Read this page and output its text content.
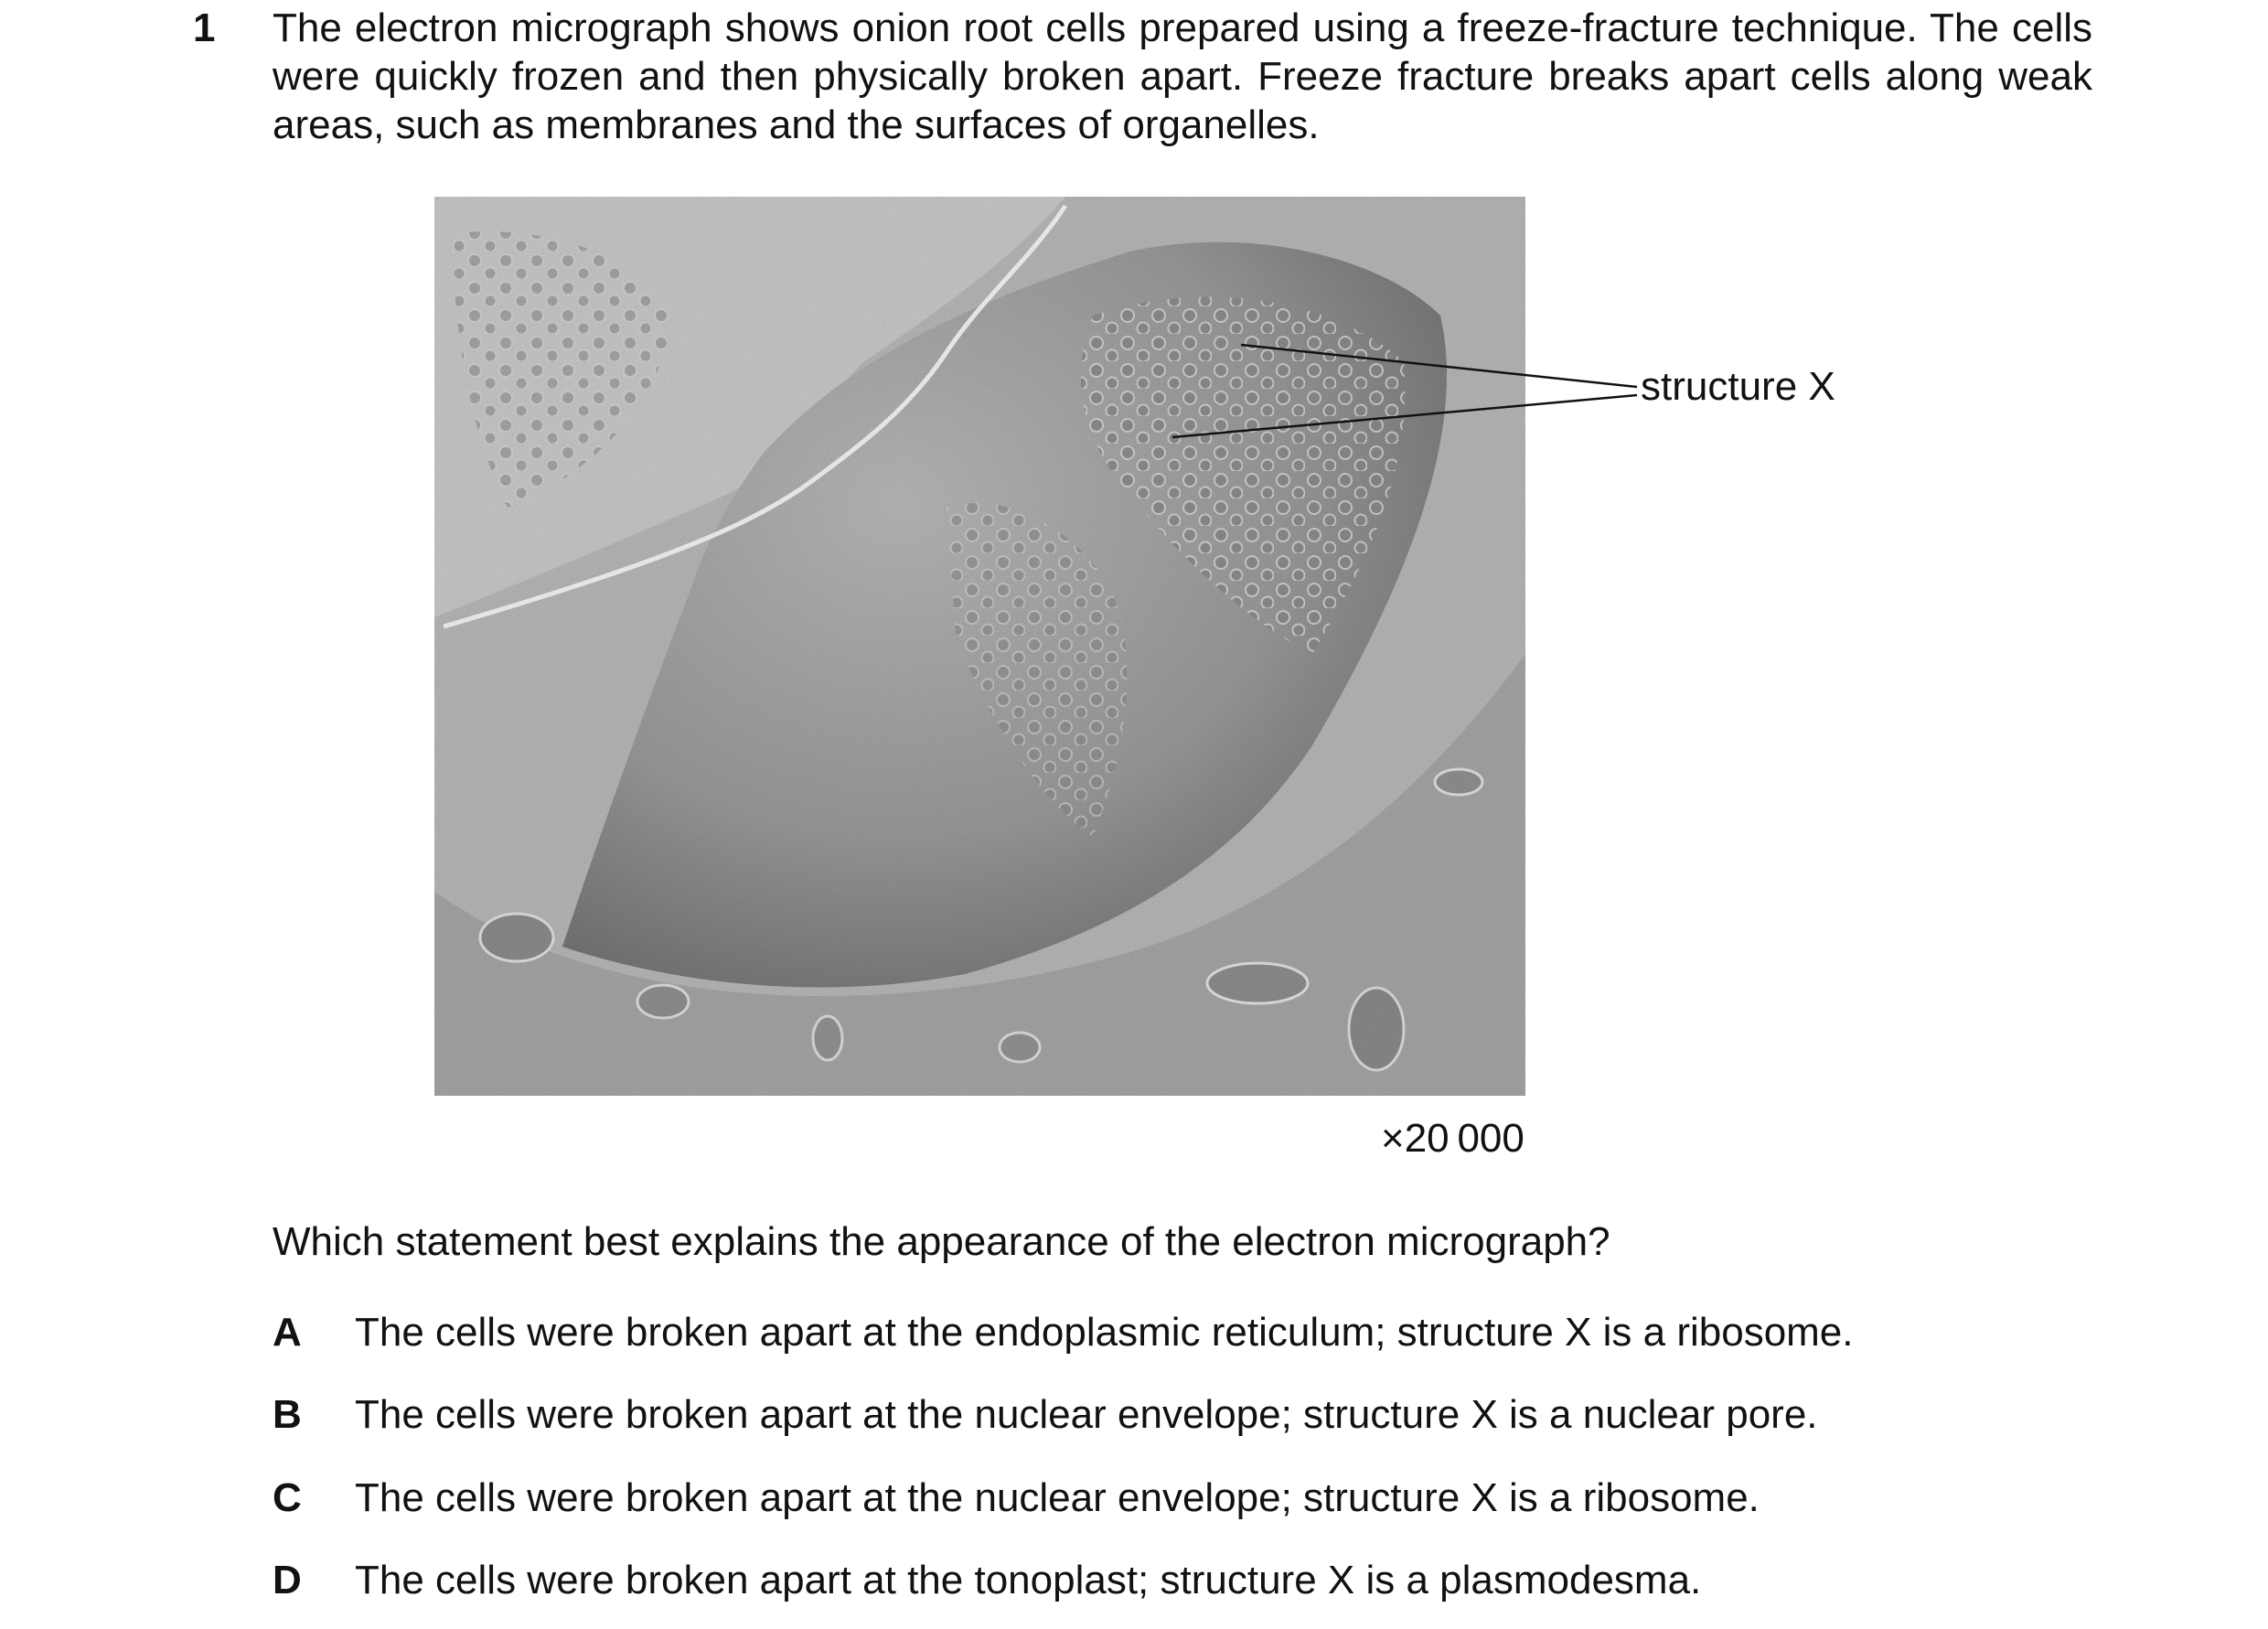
1 The electron micrograph shows onion root cells prepared using a freeze-fracture technique. The cells were quickly frozen and then physically broken apart. Freeze fracture breaks apart cells along weak areas, such as membranes and the surfaces of organelles.
structure X
×20 000
Which statement best explains the appearance of the electron micrograph?
A The cells were broken apart at the endoplasmic reticulum; structure X is a ribosome.
B The cells were broken apart at the nuclear envelope; structure X is a nuclear pore.
C The cells were broken apart at the nuclear envelope; structure X is a ribosome.
D The cells were broken apart at the tonoplast; structure X is a plasmodesma.
